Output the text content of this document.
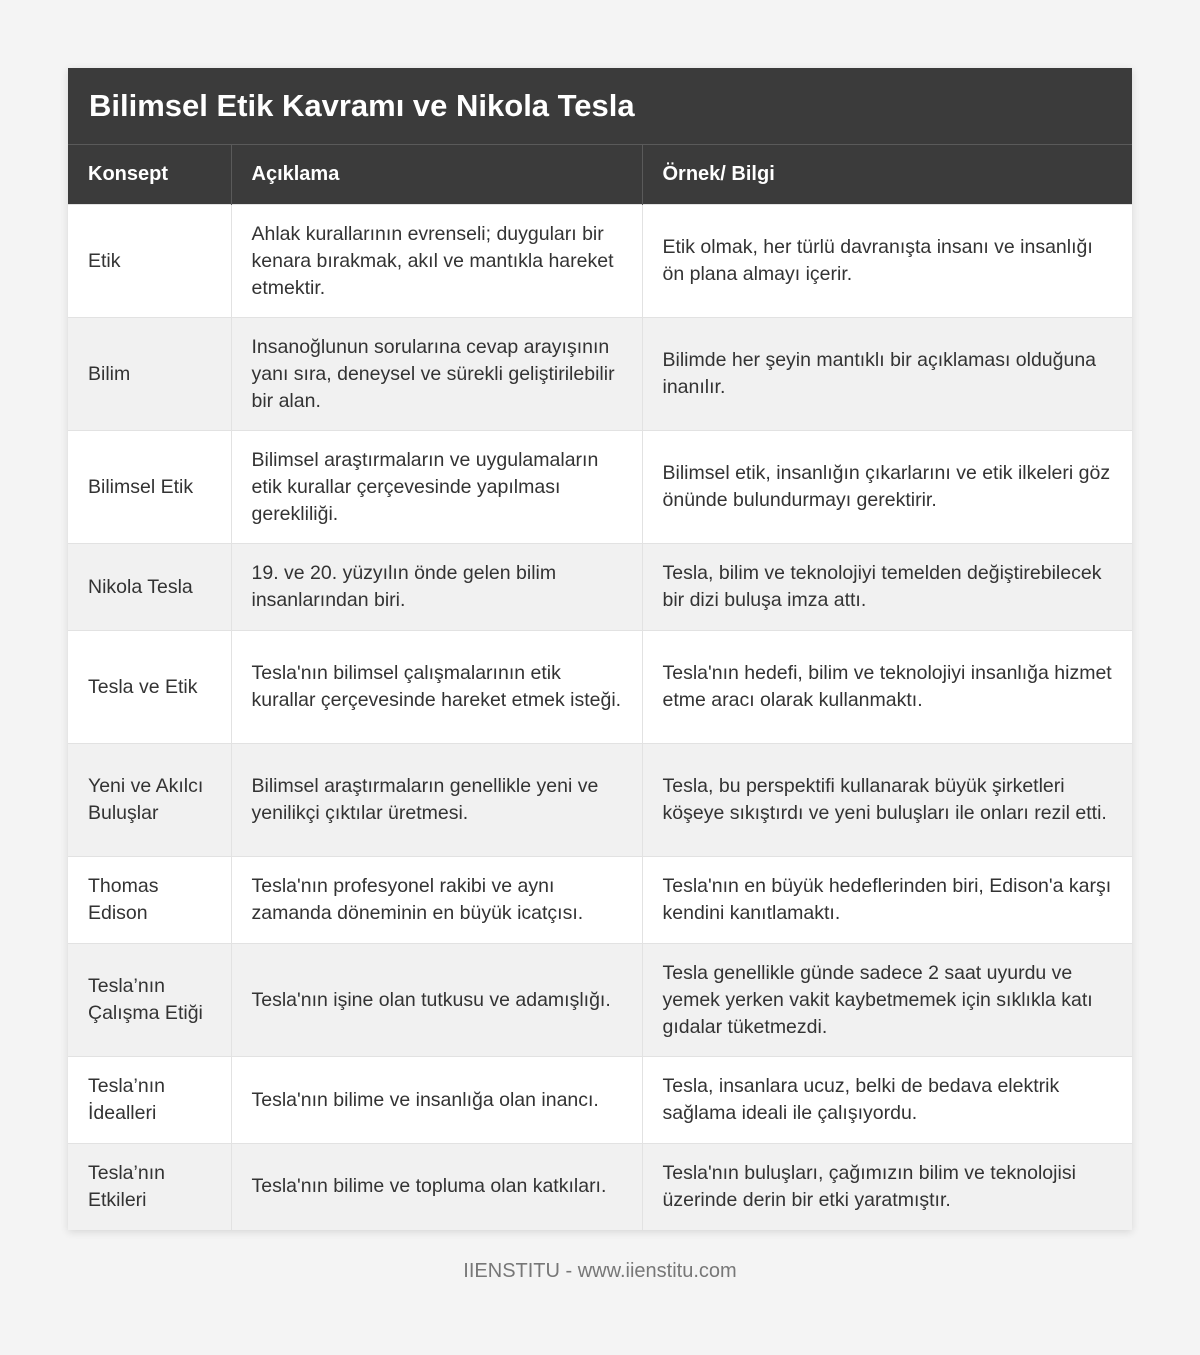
Bilimsel Etik Kavramı ve Nikola Tesla
Konsept	Açıklama	Örnek/ Bilgi
Etik	Ahlak kurallarının evrenseli; duyguları bir kenara bırakmak, akıl ve mantıkla hareket etmektir.	Etik olmak, her türlü davranışta insanı ve insanlığı ön plana almayı içerir.
Bilim	Insanoğlunun sorularına cevap arayışının yanı sıra, deneysel ve sürekli geliştirilebilir bir alan.	Bilimde her şeyin mantıklı bir açıklaması olduğuna inanılır.
Bilimsel Etik	Bilimsel araştırmaların ve uygulamaların etik kurallar çerçevesinde yapılması gerekliliği.	Bilimsel etik, insanlığın çıkarlarını ve etik ilkeleri göz önünde bulundurmayı gerektirir.
Nikola Tesla	19. ve 20. yüzyılın önde gelen bilim insanlarından biri.	Tesla, bilim ve teknolojiyi temelden değiştirebilecek bir dizi buluşa imza attı.
Tesla ve Etik	Tesla'nın bilimsel çalışmalarının etik kurallar çerçevesinde hareket etmek isteği.	Tesla'nın hedefi, bilim ve teknolojiyi insanlığa hizmet etme aracı olarak kullanmaktı.
Yeni ve Akılcı Buluşlar	Bilimsel araştırmaların genellikle yeni ve yenilikçi çıktılar üretmesi.	Tesla, bu perspektifi kullanarak büyük şirketleri köşeye sıkıştırdı ve yeni buluşları ile onları rezil etti.
Thomas Edison	Tesla'nın profesyonel rakibi ve aynı zamanda döneminin en büyük icatçısı.	Tesla'nın en büyük hedeflerinden biri, Edison'a karşı kendini kanıtlamaktı.
Tesla’nın Çalışma Etiği	Tesla'nın işine olan tutkusu ve adamışlığı.	Tesla genellikle günde sadece 2 saat uyurdu ve yemek yerken vakit kaybetmemek için sıklıkla katı gıdalar tüketmezdi.
Tesla’nın İdealleri	Tesla'nın bilime ve insanlığa olan inancı.	Tesla, insanlara ucuz, belki de bedava elektrik sağlama ideali ile çalışıyordu.
Tesla’nın Etkileri	Tesla'nın bilime ve topluma olan katkıları.	Tesla'nın buluşları, çağımızın bilim ve teknolojisi üzerinde derin bir etki yaratmıştır.
IIENSTITU - www.iienstitu.com
